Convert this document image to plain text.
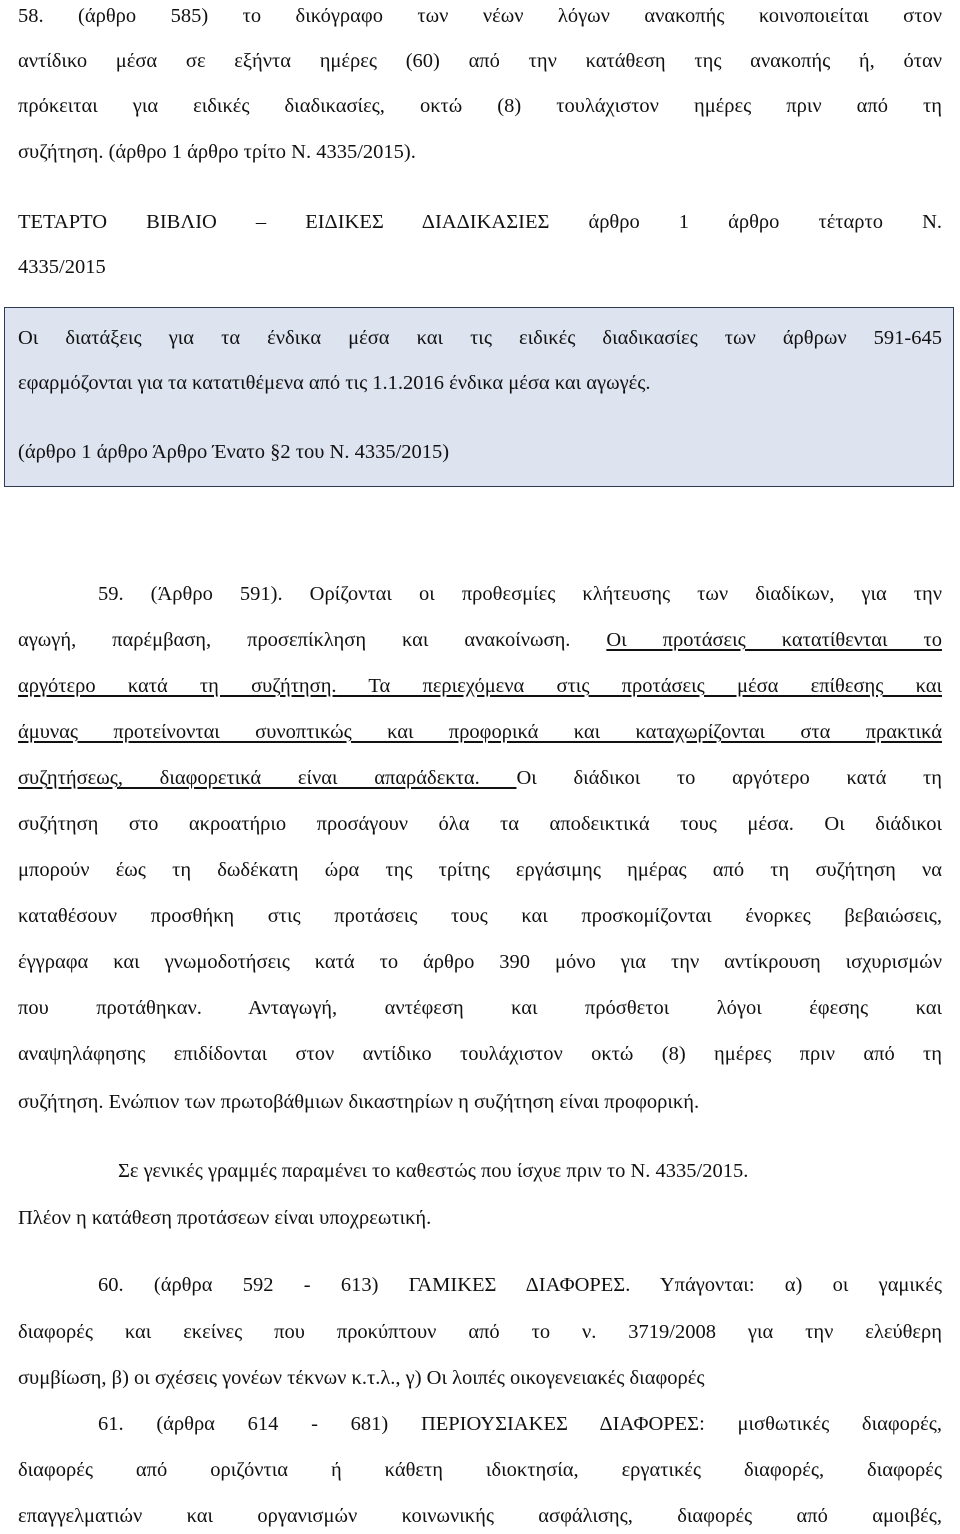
58. (άρθρο 585) το δικόγραφο των νέων λόγων ανακοπής κοινοποιείται στον
αντίδικο μέσα σε εξήντα ημέρες (60) από την κατάθεση της ανακοπής ή, όταν
πρόκειται για ειδικές διαδικασίες, οκτώ (8) τουλάχιστον ημέρες πριν από τη
συζήτηση. (άρθρο 1 άρθρο τρίτο Ν. 4335/2015).
ΤΕΤΑΡΤΟ ΒΙΒΛΙΟ – ΕΙΔΙΚΕΣ ΔΙΑΔΙΚΑΣΙΕΣ άρθρο 1 άρθρο τέταρτο Ν.
4335/2015
Οι διατάξεις για τα ένδικα μέσα και τις ειδικές διαδικασίες των άρθρων 591-645
εφαρμόζονται για τα κατατιθέμενα από τις 1.1.2016 ένδικα μέσα και αγωγές.
(άρθρο 1 άρθρο Άρθρο Ένατο §2 του Ν. 4335/2015)
59. (Άρθρο 591). Ορίζονται οι προθεσμίες κλήτευσης των διαδίκων, για την
αγωγή, παρέμβαση, προσεπίκληση και ανακοίνωση. Οι προτάσεις κατατίθενται το
αργότερο κατά τη συζήτηση. Τα περιεχόμενα στις προτάσεις μέσα επίθεσης και
άμυνας προτείνονται συνοπτικώς και προφορικά και καταχωρίζονται στα πρακτικά
συζητήσεως, διαφορετικά είναι απαράδεκτα. Οι διάδικοι το αργότερο κατά τη
συζήτηση στο ακροατήριο προσάγουν όλα τα αποδεικτικά τους μέσα. Οι διάδικοι
μπορούν έως τη δωδέκατη ώρα της τρίτης εργάσιμης ημέρας από τη συζήτηση να
καταθέσουν προσθήκη στις προτάσεις τους και προσκομίζονται ένορκες βεβαιώσεις,
έγγραφα και γνωμοδοτήσεις κατά το άρθρο 390 μόνο για την αντίκρουση ισχυρισμών
που προτάθηκαν. Ανταγωγή, αντέφεση και πρόσθετοι λόγοι έφεσης και
αναψηλάφησης επιδίδονται στον αντίδικο τουλάχιστον οκτώ (8) ημέρες πριν από τη
συζήτηση. Ενώπιον των πρωτοβάθμιων δικαστηρίων η συζήτηση είναι προφορική.
Σε γενικές γραμμές παραμένει το καθεστώς που ίσχυε πριν το Ν. 4335/2015.
Πλέον η κατάθεση προτάσεων είναι υποχρεωτική.
60. (άρθρα 592 - 613) ΓΑΜΙΚΕΣ ΔΙΑΦΟΡΕΣ. Υπάγονται: α) οι γαμικές
διαφορές και εκείνες που προκύπτουν από το ν. 3719/2008 για την ελεύθερη
συμβίωση, β) οι σχέσεις γονέων τέκνων κ.τ.λ., γ) Οι λοιπές οικογενειακές διαφορές
61. (άρθρα 614 - 681) ΠΕΡΙΟΥΣΙΑΚΕΣ ΔΙΑΦΟΡΕΣ: μισθωτικές διαφορές,
διαφορές από οριζόντια ή κάθετη ιδιοκτησία, εργατικές διαφορές, διαφορές
επαγγελματιών και οργανισμών κοινωνικής ασφάλισης, διαφορές από αμοιβές,
